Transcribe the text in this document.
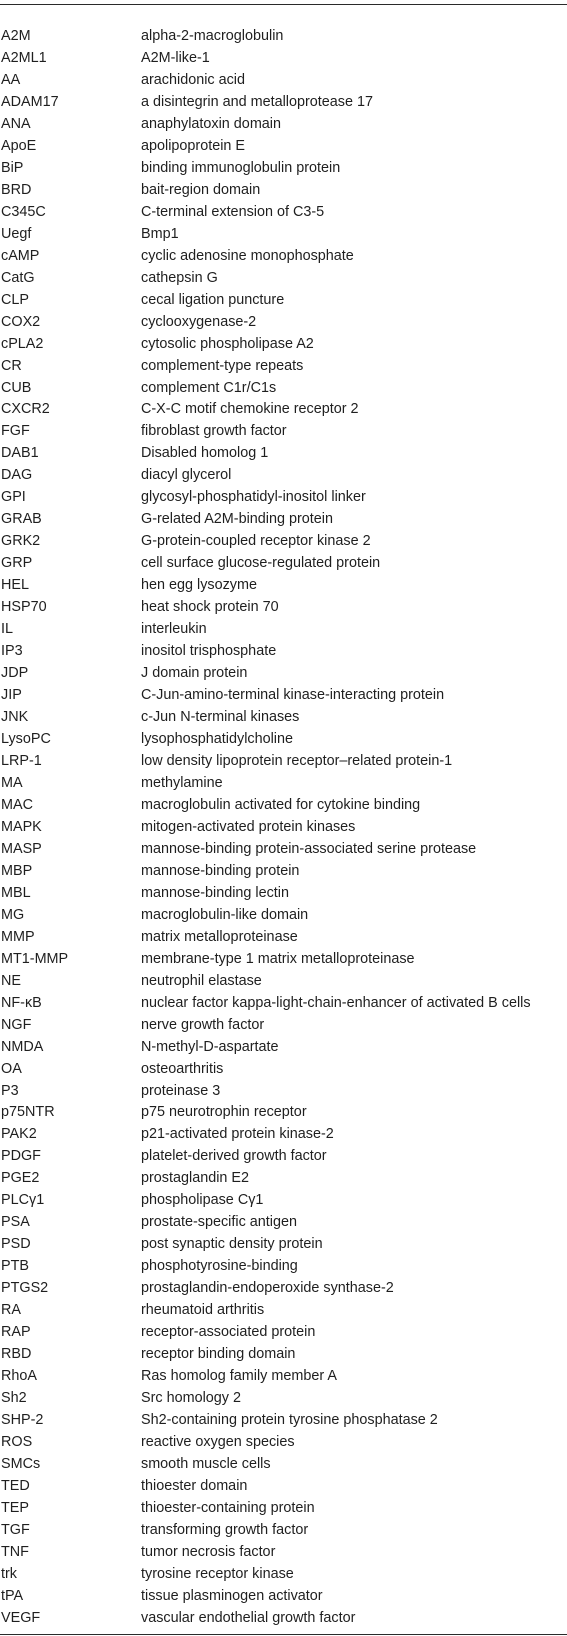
A2M	alpha-2-macroglobulin
A2ML1	A2M-like-1
AA	arachidonic acid
ADAM17	a disintegrin and metalloprotease 17
ANA	anaphylatoxin domain
ApoE	apolipoprotein E
BiP	binding immunoglobulin protein
BRD	bait-region domain
C345C	C-terminal extension of C3-5
Uegf	Bmp1
cAMP	cyclic adenosine monophosphate
CatG	cathepsin G
CLP	cecal ligation puncture
COX2	cyclooxygenase-2
cPLA2	cytosolic phospholipase A2
CR	complement-type repeats
CUB	complement C1r/C1s
CXCR2	C-X-C motif chemokine receptor 2
FGF	fibroblast growth factor
DAB1	Disabled homolog 1
DAG	diacyl glycerol
GPI	glycosyl-phosphatidyl-inositol linker
GRAB	G-related A2M-binding protein
GRK2	G-protein-coupled receptor kinase 2
GRP	cell surface glucose-regulated protein
HEL	hen egg lysozyme
HSP70	heat shock protein 70
IL	interleukin
IP3	inositol trisphosphate
JDP	J domain protein
JIP	C-Jun-amino-terminal kinase-interacting protein
JNK	c-Jun N-terminal kinases
LysoPC	lysophosphatidylcholine
LRP-1	low density lipoprotein receptor–related protein-1
MA	methylamine
MAC	macroglobulin activated for cytokine binding
MAPK	mitogen-activated protein kinases
MASP	mannose-binding protein-associated serine protease
MBP	mannose-binding protein
MBL	mannose-binding lectin
MG	macroglobulin-like domain
MMP	matrix metalloproteinase
MT1-MMP	membrane-type 1 matrix metalloproteinase
NE	neutrophil elastase
NF-κB	nuclear factor kappa-light-chain-enhancer of activated B cells
NGF	nerve growth factor
NMDA	N-methyl-D-aspartate
OA	osteoarthritis
P3	proteinase 3
p75NTR	p75 neurotrophin receptor
PAK2	p21-activated protein kinase-2
PDGF	platelet-derived growth factor
PGE2	prostaglandin E2
PLCγ1	phospholipase Cγ1
PSA	prostate-specific antigen
PSD	post synaptic density protein
PTB	phosphotyrosine-binding
PTGS2	prostaglandin-endoperoxide synthase-2
RA	rheumatoid arthritis
RAP	receptor-associated protein
RBD	receptor binding domain
RhoA	Ras homolog family member A
Sh2	Src homology 2
SHP-2	Sh2-containing protein tyrosine phosphatase 2
ROS	reactive oxygen species
SMCs	smooth muscle cells
TED	thioester domain
TEP	thioester-containing protein
TGF	transforming growth factor
TNF	tumor necrosis factor
trk	tyrosine receptor kinase
tPA	tissue plasminogen activator
VEGF	vascular endothelial growth factor
